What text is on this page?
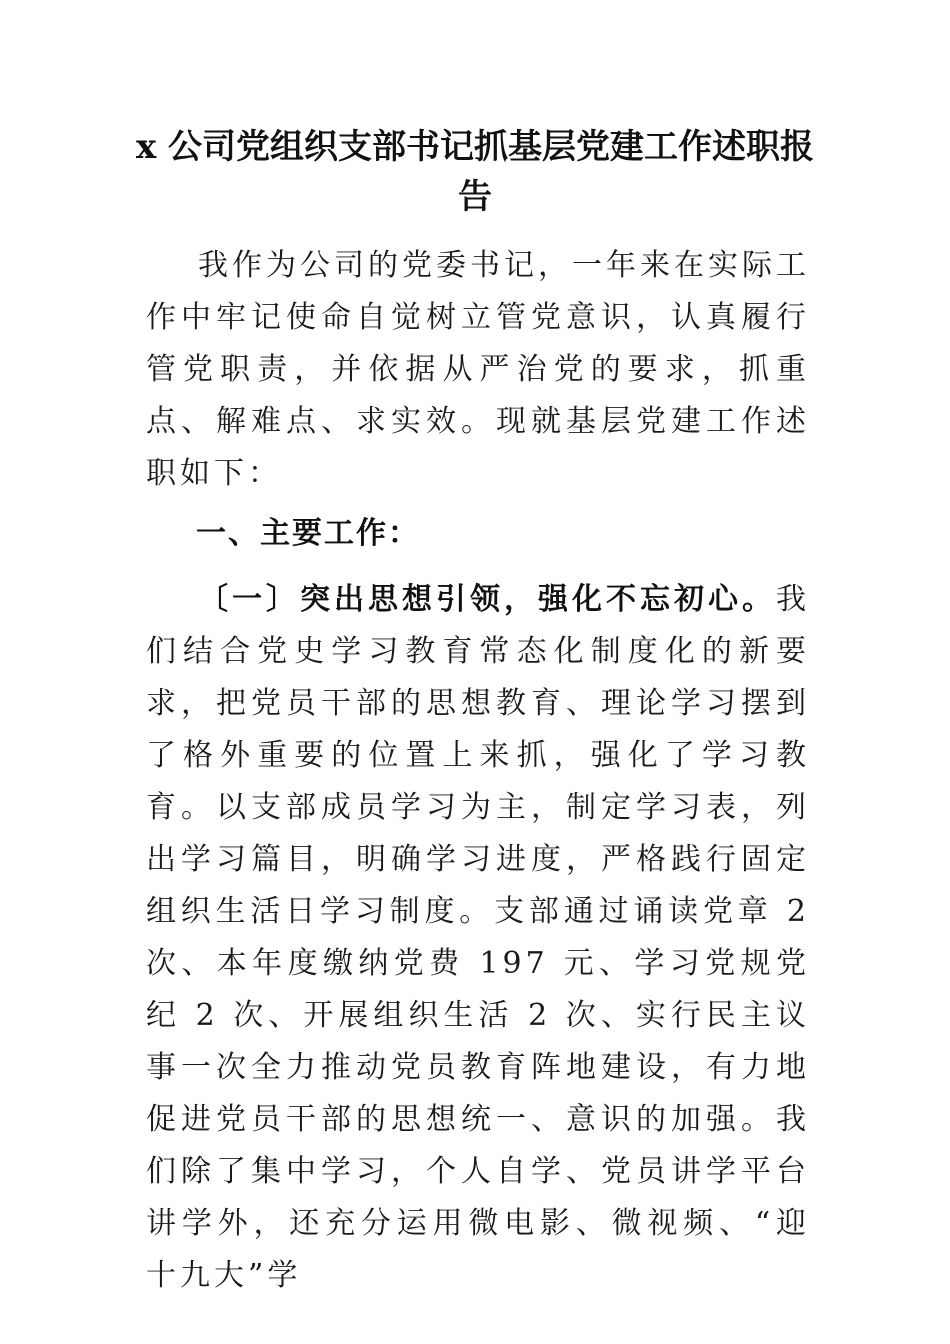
x 公司党组织支部书记抓基层党建工作述职报告
我作为公司的党委书记，一年来在实际工作中牢记使命自觉树立管党意识，认真履行管党职责，并依据从严治党的要求，抓重点、解难点、求实效。现就基层党建工作述职如下：
一、主要工作：
〔一〕突出思想引领，强化不忘初心。我们结合党史学习教育常态化制度化的新要求，把党员干部的思想教育、理论学习摆到了格外重要的位置上来抓，强化了学习教育。以支部成员学习为主，制定学习表，列出学习篇目，明确学习进度，严格践行固定组织生活日学习制度。支部通过诵读党章 2 次、本年度缴纳党费 197 元、学习党规党纪 2 次、开展组织生活 2 次、实行民主议事一次全力推动党员教育阵地建设，有力地促进党员干部的思想统一、意识的加强。我们除了集中学习，个人自学、党员讲学平台讲学外，还充分运用微电影、微视频、“迎十九大”学
